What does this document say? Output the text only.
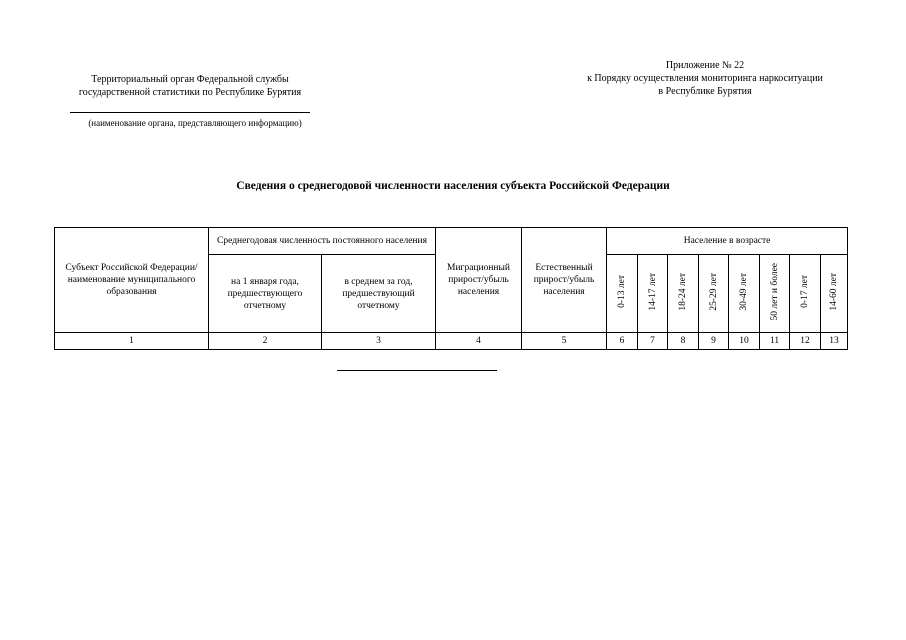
Территориальный орган Федеральной службы
государственной статистики по Республике Бурятия
(наименование органа, представляющего информацию)
Приложение № 22
к Порядку осуществления мониторинга наркоситуации
в Республике Бурятия
Сведения о среднегодовой численности населения субъекта Российской Федерации
Субъект Российской Федерации/ наименование муниципального образования	Среднегодовая численность постоянного населения		Миграционный прирост/убыль населения	Естественный прирост/убыль населения	Население в возрасте							
	на 1 января года, предшествующего отчетному	в среднем за год, предшествующий отчетному			0-13 лет	14-17 лет	18-24 лет	25-29 лет	30-49 лет	50 лет и более	0-17 лет	14-60 лет
1	2	3	4	5	6	7	8	9	10	11	12	13
